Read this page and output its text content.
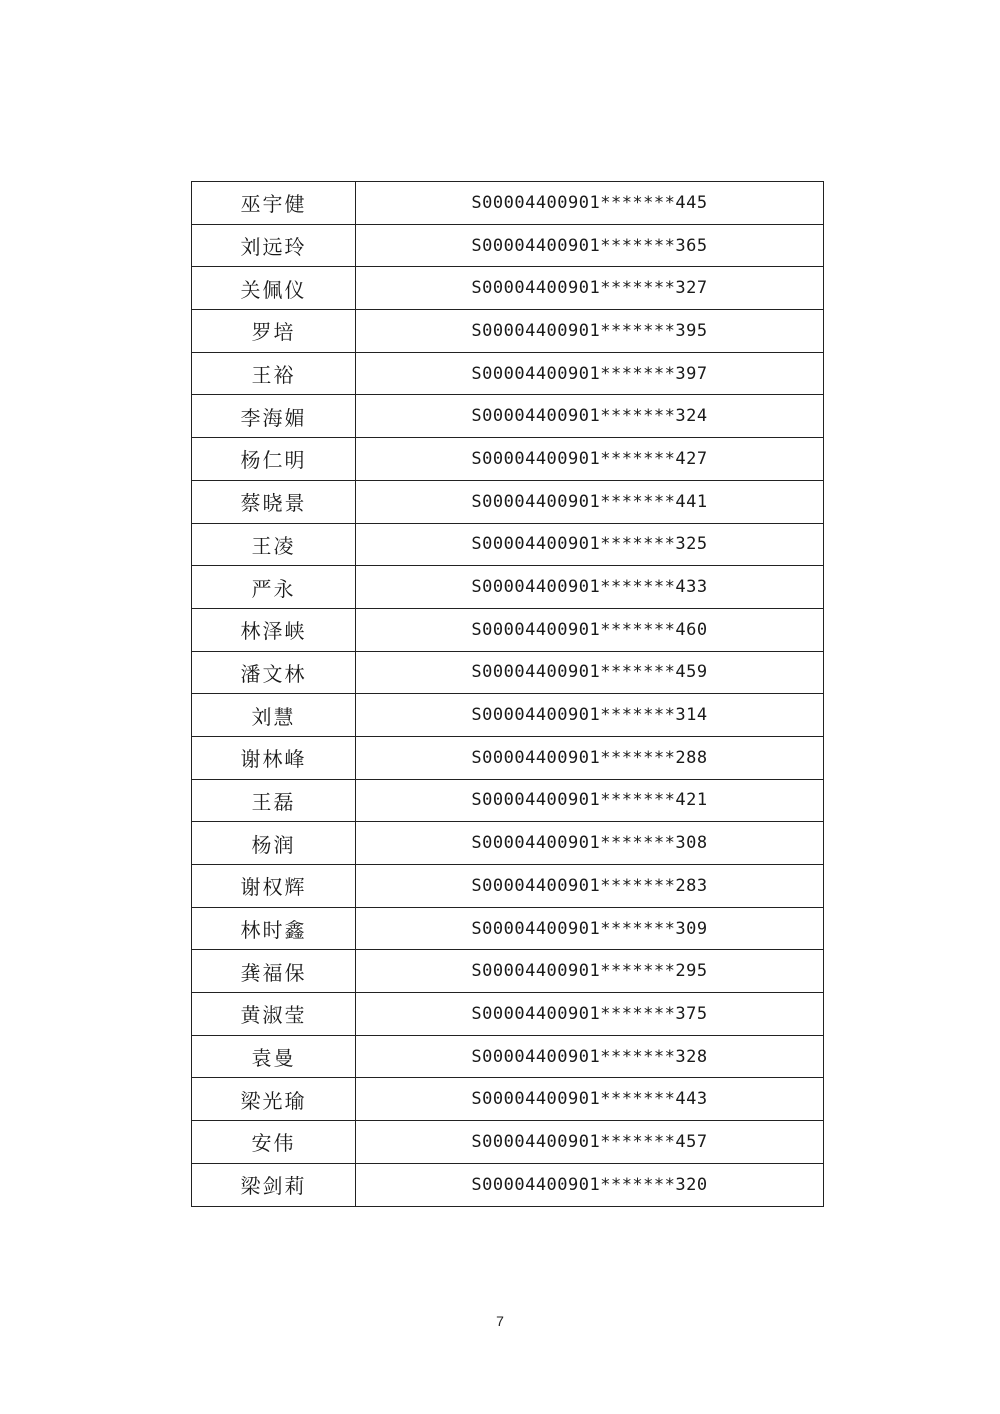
巫宇健	S00004400901*******445
刘远玲	S00004400901*******365
关佩仪	S00004400901*******327
罗培	S00004400901*******395
王裕	S00004400901*******397
李海媚	S00004400901*******324
杨仁明	S00004400901*******427
蔡晓景	S00004400901*******441
王凌	S00004400901*******325
严永	S00004400901*******433
林泽峡	S00004400901*******460
潘文林	S00004400901*******459
刘慧	S00004400901*******314
谢林峰	S00004400901*******288
王磊	S00004400901*******421
杨润	S00004400901*******308
谢权辉	S00004400901*******283
林时鑫	S00004400901*******309
龚福保	S00004400901*******295
黄淑莹	S00004400901*******375
袁曼	S00004400901*******328
梁光瑜	S00004400901*******443
安伟	S00004400901*******457
梁剑莉	S00004400901*******320
7
